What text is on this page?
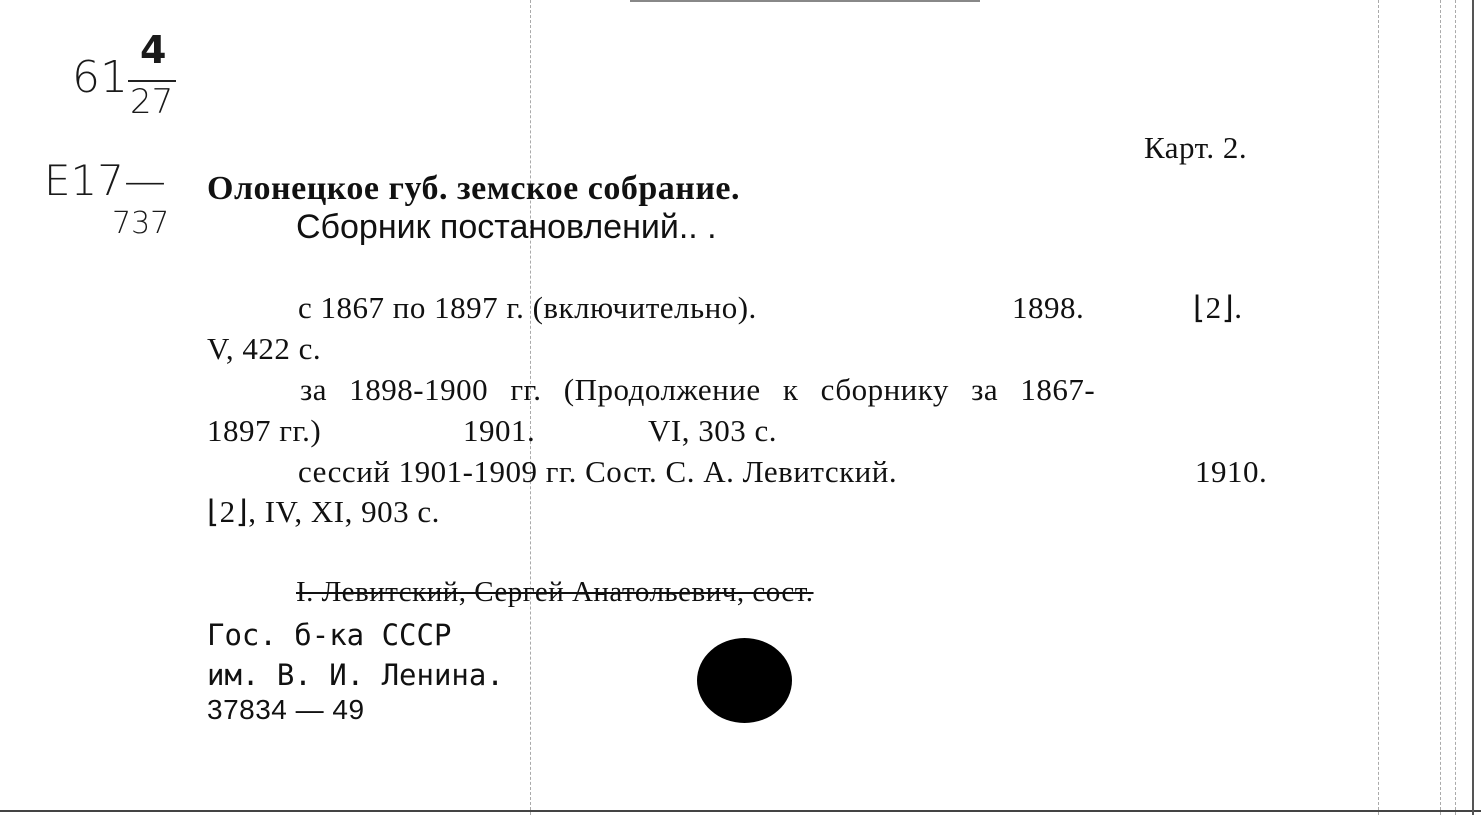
61
4
27
E17—
737
Карт. 2.
Олонецкое губ. земское собрание.
Сборник постановлений.. .
с 1867 по 1897 г. (включительно).	1898.	⌊2⌋.
V, 422 с.
за 1898-1900 гг. (Продолжение к сборнику за 1867-
1897 гг.)	1901.	VI, 303 с.
сессий 1901-1909 гг. Сост. С. А. Левитский.	1910.
⌊2⌋, IV, XI, 903 с.
I. Левитский, Сергей Анатольевич, сост.
Гос. б-ка СССР
им. В. И. Ленина.
37834 — 49
